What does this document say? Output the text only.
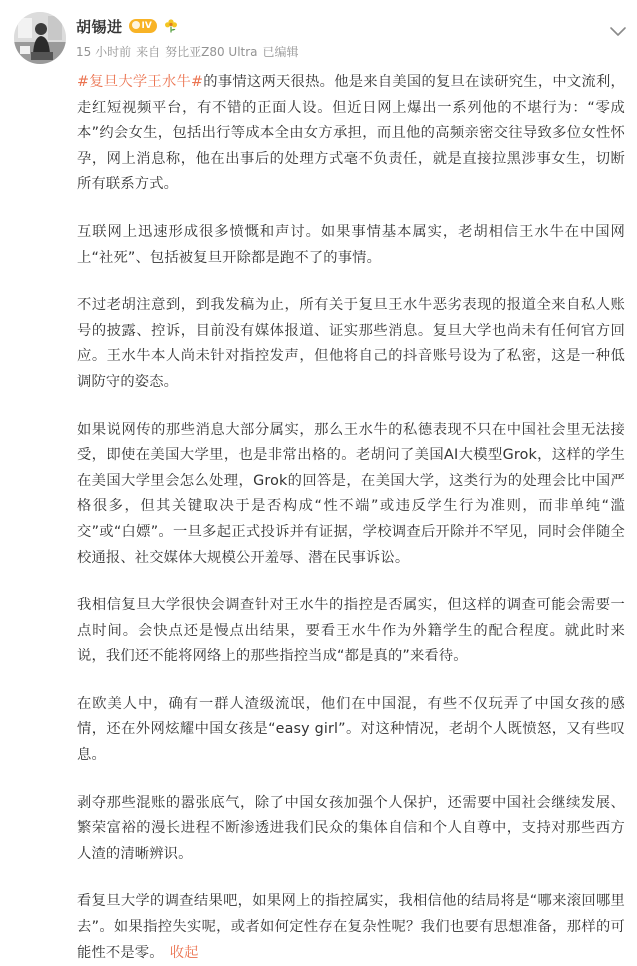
胡锡进	IV
15 小时前 来自 努比亚Z80 Ultra 已编辑

#复旦大学王水牛#的事情这两天很热。他是来自美国的复旦在读研究生，中文流利，走红短视频平台，有不错的正面人设。但近日网上爆出一系列他的不堪行为：“零成本”约会女生，包括出行等成本全由女方承担，而且他的高频亲密交往导致多位女性怀孕，网上消息称，他在出事后的处理方式毫不负责任，就是直接拉黑涉事女生，切断所有联系方式。

互联网上迅速形成很多愤慨和声讨。如果事情基本属实，老胡相信王水牛在中国网上“社死”、包括被复旦开除都是跑不了的事情。

不过老胡注意到，到我发稿为止，所有关于复旦王水牛恶劣表现的报道全来自私人账号的披露、控诉，目前没有媒体报道、证实那些消息。复旦大学也尚未有任何官方回应。王水牛本人尚未针对指控发声，但他将自己的抖音账号设为了私密，这是一种低调防守的姿态。

如果说网传的那些消息大部分属实，那么王水牛的私德表现不只在中国社会里无法接受，即使在美国大学里，也是非常出格的。老胡问了美国AI大模型Grok，这样的学生在美国大学里会怎么处理，Grok的回答是，在美国大学，这类行为的处理会比中国严格很多，但其关键取决于是否构成“性不端”或违反学生行为准则，而非单纯“滥交”或“白嫖”。一旦多起正式投诉并有证据，学校调查后开除并不罕见，同时会伴随全校通报、社交媒体大规模公开羞辱、潜在民事诉讼。

我相信复旦大学很快会调查针对王水牛的指控是否属实，但这样的调查可能会需要一点时间。会快点还是慢点出结果，要看王水牛作为外籍学生的配合程度。就此时来说，我们还不能将网络上的那些指控当成“都是真的”来看待。

在欧美人中，确有一群人渣级流氓，他们在中国混，有些不仅玩弄了中国女孩的感情，还在外网炫耀中国女孩是“easy girl”。对这种情况，老胡个人既愤怒，又有些叹息。

剥夺那些混账的嚣张底气，除了中国女孩加强个人保护，还需要中国社会继续发展、繁荣富裕的漫长进程不断渗透进我们民众的集体自信和个人自尊中，支持对那些西方人渣的清晰辨识。

看复旦大学的调查结果吧，如果网上的指控属实，我相信他的结局将是“哪来滚回哪里去”。如果指控失实呢，或者如何定性存在复杂性呢？我们也要有思想准备，那样的可能性不是零。 收起
